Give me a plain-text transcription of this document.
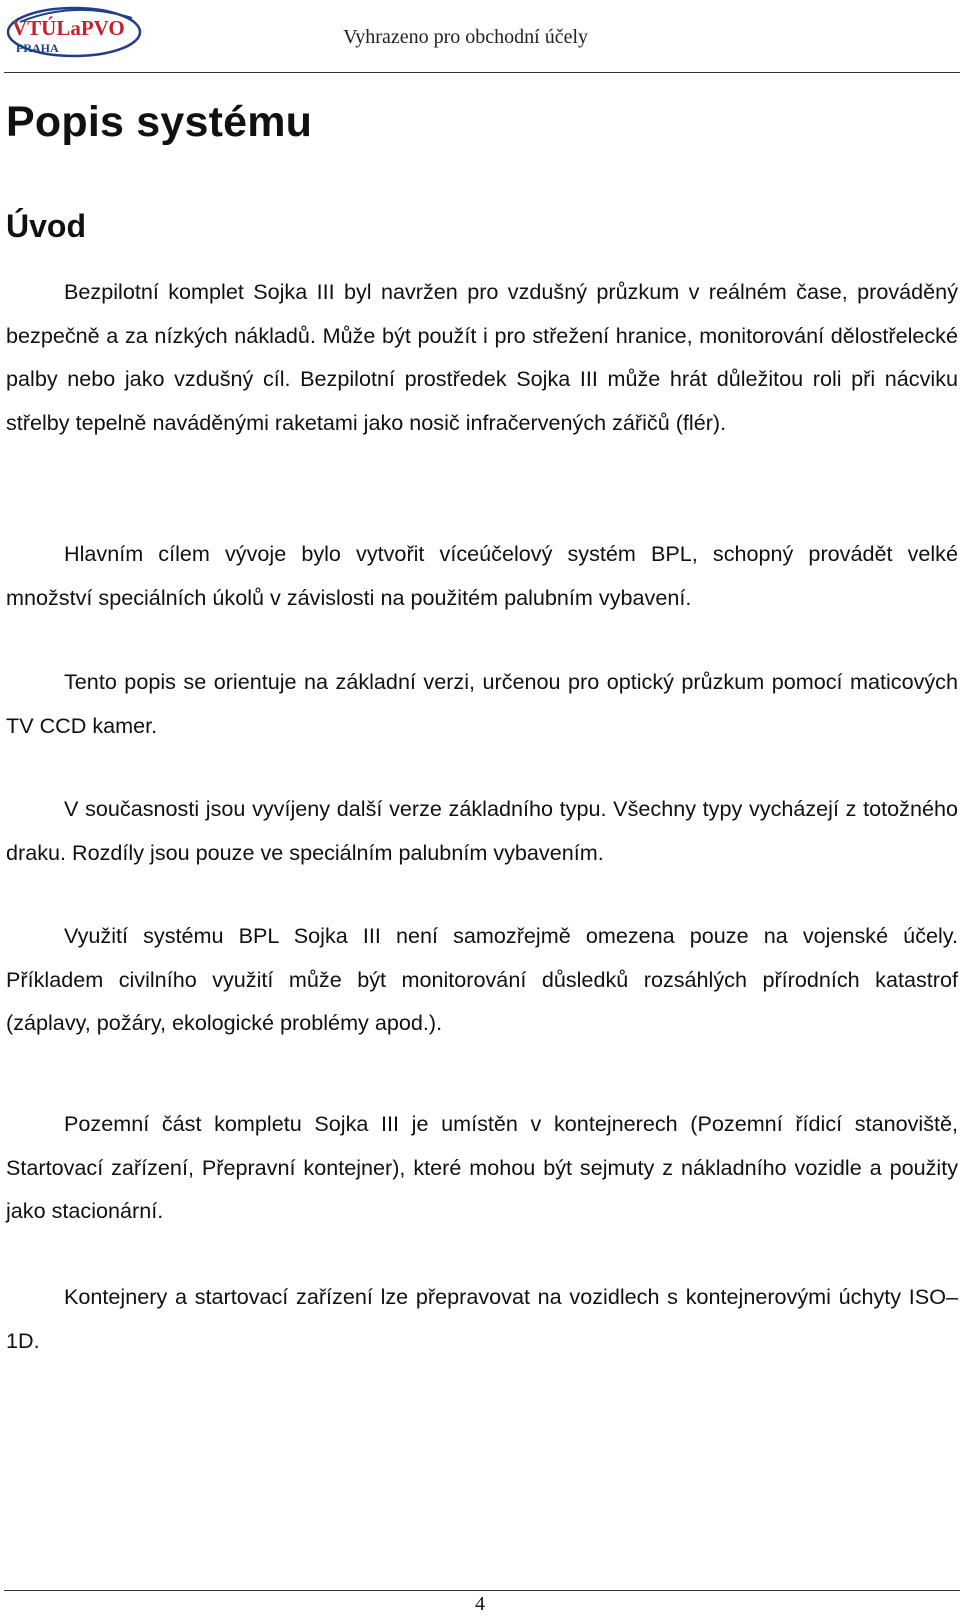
VTÚLaPVO
PRAHA	Vyhrazeno pro obchodní účely
Popis systému
Úvod

Bezpilotní komplet Sojka III byl navržen pro vzdušný průzkum v reálném čase, prováděný bezpečně a za nízkých nákladů. Může být použít i pro střežení hranice, monitorování dělostřelecké palby nebo jako vzdušný cíl. Bezpilotní prostředek Sojka III může hrát důležitou roli při nácviku střelby tepelně naváděnými raketami jako nosič infračervených zářičů (flér).

Hlavním cílem vývoje bylo vytvořit víceúčelový systém BPL, schopný provádět velké množství speciálních úkolů v závislosti na použitém palubním vybavení.

Tento popis se orientuje na základní verzi, určenou pro optický průzkum pomocí maticových TV CCD kamer.

V současnosti jsou vyvíjeny další verze základního typu. Všechny typy vycházejí z totožného draku. Rozdíly jsou pouze ve speciálním palubním vybavením.

Využití systému BPL Sojka III není samozřejmě omezena pouze na vojenské účely. Příkladem civilního využití může být monitorování důsledků rozsáhlých přírodních katastrof (záplavy, požáry, ekologické problémy apod.).

Pozemní část kompletu Sojka III je umístěn v kontejnerech (Pozemní řídicí stanoviště, Startovací zařízení, Přepravní kontejner), které mohou být sejmuty z nákladního vozidle a použity jako stacionární.

Kontejnery a startovací zařízení lze přepravovat na vozidlech s kontejnerovými úchyty ISO–1D.

4
